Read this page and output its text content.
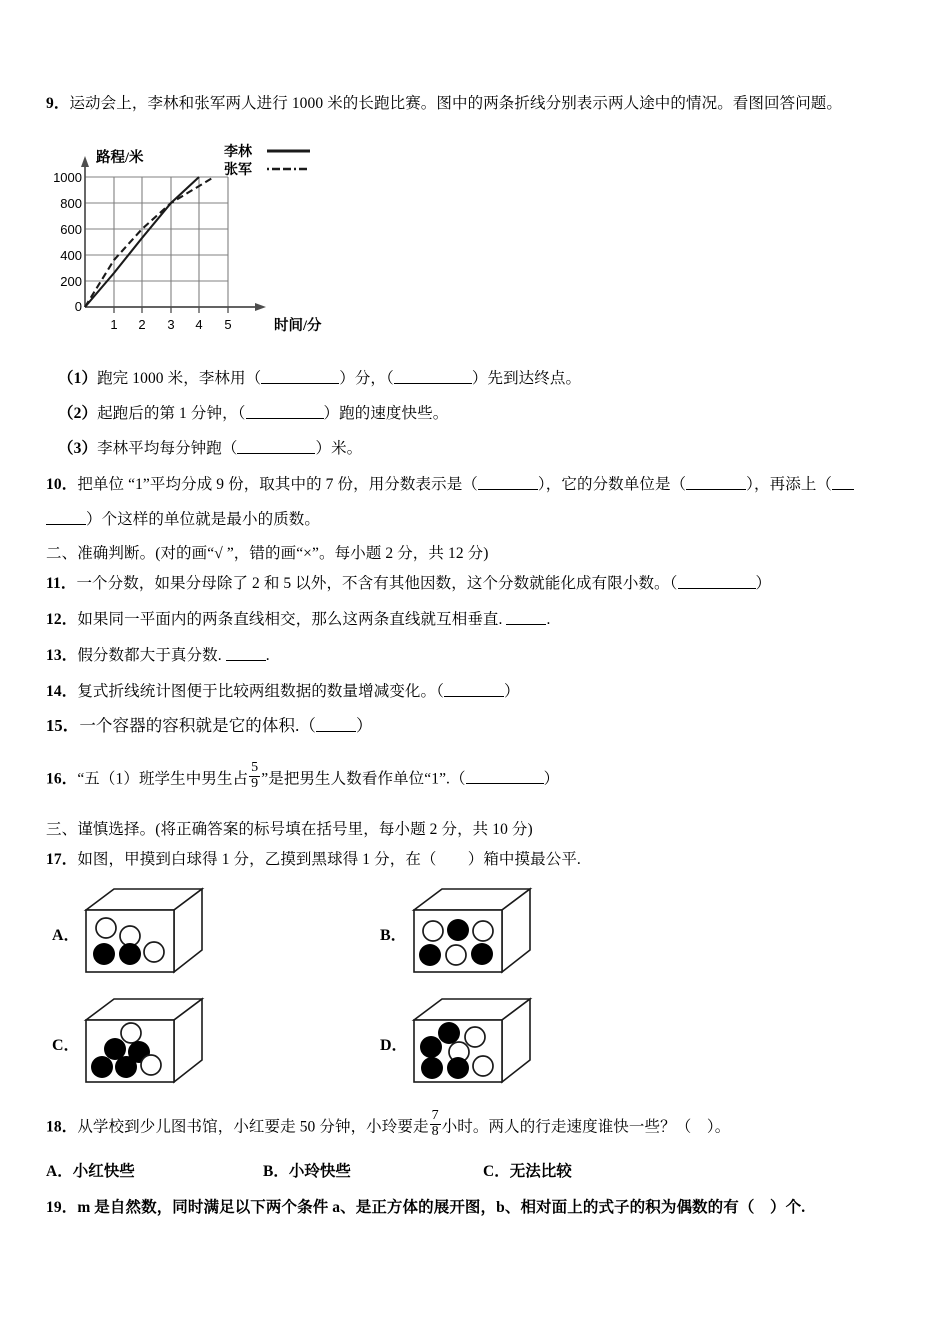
9．运动会上，李林和张军两人进行 1000 米的长跑比赛。图中的两条折线分别表示两人途中的情况。看图回答问题。
1000
800
600
400
200
0
1 2 3 4 5
路程/米
时间/分
李林
张军
（1）跑完 1000 米，李林用（	）分，（	）先到达终点。
（2）起跑后的第 1 分钟，（	）跑的速度快些。
（3）李林平均每分钟跑（	）米。
10．把单位 “1”平均分成 9 份，取其中的 7 份，用分数表示是（	），它的分数单位是（	），再添上（
）个这样的单位就是最小的质数。
二、准确判断。(对的画“√ ”，错的画“×”。每小题 2 分，共 12 分)
11．一个分数，如果分母除了 2 和 5 以外，不含有其他因数，这个分数就能化成有限小数。（	）
12．如果同一平面内的两条直线相交，那么这两条直线就互相垂直.	.
13．假分数都大于真分数.	.
14．复式折线统计图便于比较两组数据的数量增减变化。（	）
15．一个容器的容积就是它的体积.（ ）
16．“五（1）班学生中男生占 $\frac{5}{9}$ ”是把男生人数看作单位“1”.（	）
三、谨慎选择。(将正确答案的标号填在括号里，每小题 2 分，共 10 分)
17．如图，甲摸到白球得 1 分，乙摸到黑球得 1 分，在（　　）箱中摸最公平.
A．	B．
C．	D．
18．从学校到少儿图书馆，小红要走 50 分钟，小玲要走 $\frac{7}{8}$ 小时。两人的行走速度谁快一些？（　）。
A．小红快些	B．小玲快些	C．无法比较
19．m 是自然数，同时满足以下两个条件 a、是正方体的展开图，b、相对面上的式子的积为偶数的有（　）个.
